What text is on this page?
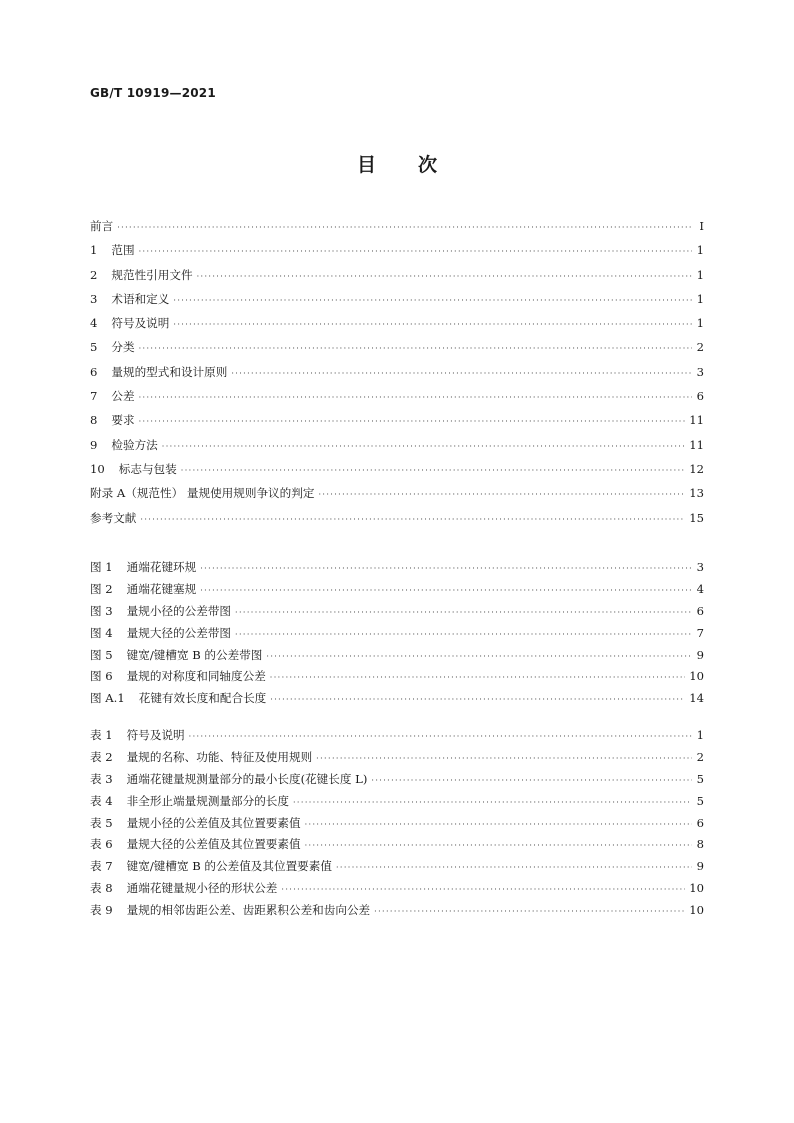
GB/T 10919—2021
目 次
前言 ·····	I
1 范围 ·····	1
2 规范性引用文件 ·····	1
3 术语和定义 ·····	1
4 符号及说明 ·····	1
5 分类 ·····	2
6 量规的型式和设计原则 ·····	3
7 公差 ·····	6
8 要求 ·····	11
9 检验方法 ·····	11
10 标志与包装 ·····	12
附录 A（规范性） 量规使用规则争议的判定 ·····	13
参考文献 ·····	15
图 1 通端花键环规 ·····	3
图 2 通端花键塞规 ·····	4
图 3 量规小径的公差带图 ·····	6
图 4 量规大径的公差带图 ·····	7
图 5 键宽/键槽宽 B 的公差带图 ·····	9
图 6 量规的对称度和同轴度公差 ·····	10
图 A.1 花键有效长度和配合长度 ·····	14
表 1 符号及说明 ·····	1
表 2 量规的名称、功能、特征及使用规则 ·····	2
表 3 通端花键量规测量部分的最小长度(花键长度 L) ·····	5
表 4 非全形止端量规测量部分的长度 ·····	5
表 5 量规小径的公差值及其位置要素值 ·····	6
表 6 量规大径的公差值及其位置要素值 ·····	8
表 7 键宽/键槽宽 B 的公差值及其位置要素值 ·····	9
表 8 通端花键量规小径的形状公差 ·····	10
表 9 量规的相邻齿距公差、齿距累积公差和齿向公差 ·····	10
